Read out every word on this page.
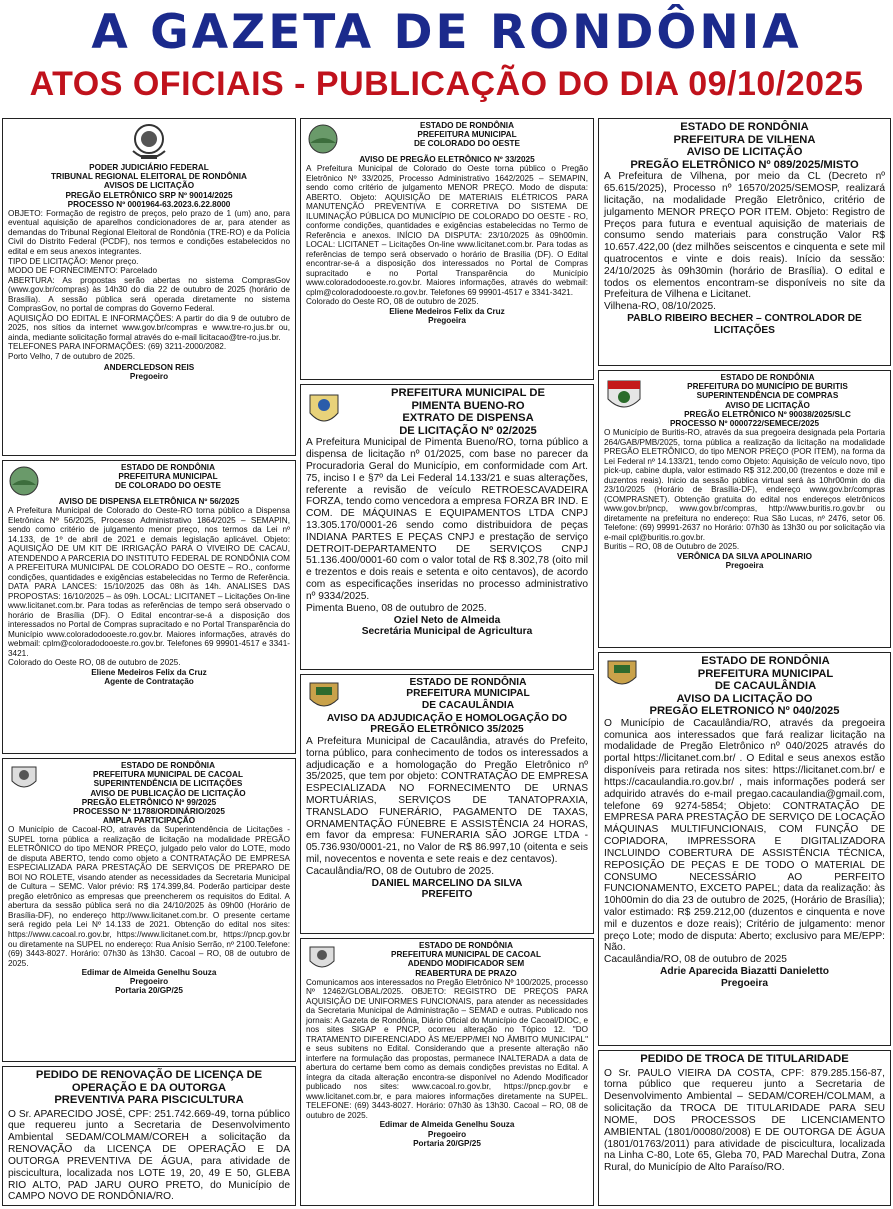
A GAZETA DE RONDÔNIA
ATOS OFICIAIS - PUBLICAÇÃO DO DIA 09/10/2025
PODER JUDICIÁRIO FEDERAL
TRIBUNAL REGIONAL ELEITORAL DE RONDÔNIA
AVISOS DE LICITAÇÃO
PREGÃO ELETRÔNICO SRP Nº 90014/2025
PROCESSO Nº 0001964-63.2023.6.22.8000
OBJETO: Formação de registro de preços, pelo prazo de 1 (um) ano, para eventual aquisição de aparelhos condicionadores de ar, para atender as demandas do Tribunal Regional Eleitoral de Rondônia (TRE-RO) e da Polícia Civil do Distrito Federal (PCDF), nos termos e condições estabelecidos no edital e em seus anexos integrantes.
TIPO DE LICITAÇÃO: Menor preço.
MODO DE FORNECIMENTO: Parcelado
ABERTURA: As propostas serão abertas no sistema ComprasGov (www.gov.br/compras) às 14h30 do dia 22 de outubro de 2025 (horário de Brasília). A sessão pública será operada diretamente no sistema ComprasGov, no portal de compras do Governo Federal.
AQUISIÇÃO DO EDITAL E INFORMAÇÕES: A partir do dia 9 de outubro de 2025, nos sítios da internet www.gov.br/compras e www.tre-ro.jus.br ou, ainda, mediante solicitação formal através do e-mail licitacao@tre-ro.jus.br.
TELEFONES PARA INFORMAÇÕES: (69) 3211-2000/2082.
Porto Velho, 7 de outubro de 2025.
ANDERCLEDSON REIS
Pregoeiro
ESTADO DE RONDÔNIA
PREFEITURA MUNICIPAL
DE COLORADO DO OESTE
AVISO DE DISPENSA ELETRÔNICA Nº 56/2025
A Prefeitura Municipal de Colorado do Oeste-RO torna público a Dispensa Eletrônica Nº 56/2025, Processo Administrativo 1864/2025 – SEMAPIN, sendo como critério de julgamento menor preço, nos termos da Lei nº 14.133, de 1º de abril de 2021 e demais legislação aplicável. Objeto: AQUISIÇÃO DE UM KIT DE IRRIGAÇÃO PARA O VIVEIRO DE CACAU, ATENDENDO A PARCERIA DO INSTITUTO FEDERAL DE RONDÔNIA COM A PREFEITURA MUNICIPAL DE COLORADO DO OESTE – RO., conforme condições, quantidades e exigências estabelecidas no Termo de Referência. DATA PARA LANCES: 15/10/2025 das 08h às 14h. ANALISES DAS PROPOSTAS: 16/10/2025 – às 09h. LOCAL: LICITANET – Licitações On-line www.licitanet.com.br. Para todas as referências de tempo será observado o horário de Brasília (DF). O Edital encontrar-se-á a disposição dos interessados no Portal de Compras supracitado e no Portal Transparência do Município www.coloradodooeste.ro.gov.br. Maiores informações, através do webmail: cplm@coloradodooeste.ro.gov.br. Telefones 69 99901-4517 e 3341-3421.
Colorado do Oeste RO, 08 de outubro de 2025.
Eliene Medeiros Felix da Cruz
Agente de Contratação
ESTADO DE RONDÔNIA
PREFEITURA MUNICIPAL DE CACOAL
SUPERINTENDÊNCIA DE LICITAÇÕES
AVISO DE PUBLICAÇÃO DE LICITAÇÃO
PREGÃO ELETRÔNICO Nº 99/2025
PROCESSO Nº 11788/ORDINÁRIO/2025
AMPLA PARTICIPAÇÃO
O Município de Cacoal-RO, através da Superintendência de Licitações - SUPEL torna pública a realização de licitação na modalidade PREGÃO ELETRÔNICO do tipo MENOR PREÇO, julgado pelo valor do LOTE, modo de disputa ABERTO, tendo como objeto a CONTRATAÇÃO DE EMPRESA ESPECIALIZADA PARA PRESTAÇÃO DE SERVIÇOS DE PREPARO DE BOI NO ROLETE, visando atender as necessidades da Secretaria Municipal de Cultura – SEMC. Valor prévio: R$ 174.399,84. Poderão participar deste pregão eletrônico as empresas que preencherem os requisitos do Edital. A abertura da sessão pública será no dia 24/10/2025 às 09h00 (Horário de Brasília-DF), no endereço http://www.licitanet.com.br. O presente certame será regido pela Lei Nº 14.133 de 2021. Obtenção do edital nos sites: https://www.cacoal.ro.gov.br, https://www.licitanet.com.br, https://pncp.gov.br ou diretamente na SUPEL no endereço: Rua Anísio Serrão, nº 2100.Telefone:(69) 3443-8027. Horário: 07h30 às 13h30. Cacoal – RO, 08 de outubro de 2025.
Edimar de Almeida Genelhu Souza
Pregoeiro
Portaria 20/GP/25
PEDIDO DE RENOVAÇÃO DE LICENÇA DE
OPERAÇÃO E DA OUTORGA
PREVENTIVA PARA PISCICULTURA
O Sr. APARECIDO JOSÉ, CPF: 251.742.669-49, torna público que requereu junto a Secretaria de Desenvolvimento Ambiental SEDAM/COLMAM/COREH a solicitação da RENOVAÇÃO da LICENÇA DE OPERAÇÃO E DA OUTORGA PREVENTIVA DE ÁGUA, para atividade de piscicultura, localizada nos LOTE 19, 20, 49 E 50, GLEBA RIO ALTO, PAD JARU OURO PRETO, do Município de CAMPO NOVO DE RONDÔNIA/RO.
ESTADO DE RONDÔNIA
PREFEITURA MUNICIPAL
DE COLORADO DO OESTE
AVISO DE PREGÃO ELETRÔNICO Nº 33/2025
A Prefeitura Municipal de Colorado do Oeste torna público o Pregão Eletrônico Nº 33/2025, Processo Administrativo 1642/2025 – SEMAPIN, sendo como critério de julgamento MENOR PREÇO. Modo de disputa: ABERTO. Objeto: AQUISIÇÃO DE MATERIAIS ELÉTRICOS PARA MANUTENÇÃO PREVENTIVA E CORRETIVA DO SISTEMA DE ILUMINAÇÃO PÚBLICA DO MUNICÍPIO DE COLORADO DO OESTE - RO, conforme condições, quantidades e exigências estabelecidas no Termo de Referência e anexos. INÍCIO DA DISPUTA: 23/10/2025 às 09h00min. LOCAL: LICITANET – Licitações On-line www.licitanet.com.br. Para todas as referências de tempo será observado o horário de Brasília (DF). O Edital encontrar-se-á a disposição dos interessados no Portal de Compras supracitado e no Portal Transparência do Município www.coloradodooeste.ro.gov.br. Maiores informações, através do webmail: cplm@coloradodooeste.ro.gov.br. Telefones 69 99901-4517 e 3341-3421.
Colorado do Oeste RO, 08 de outubro de 2025.
Eliene Medeiros Felix da Cruz
Pregoeira
PREFEITURA MUNICIPAL DE
PIMENTA BUENO-RO
EXTRATO DE DISPENSA
DE LICITAÇÃO Nº 02/2025
A Prefeitura Municipal de Pimenta Bueno/RO, torna público a dispensa de licitação nº 01/2025, com base no parecer da Procuradoria Geral do Município, em conformidade com Art. 75, inciso I e §7º da Lei Federal 14.133/21 e suas alterações, referente a revisão de veículo RETROESCAVADEIRA FORZA, tendo como vencedora a empresa FORZA BR IND. E COM. DE MÁQUINAS E EQUIPAMENTOS LTDA CNPJ 13.305.170/0001-26 sendo como distribuidora de peças INDIANA PARTES E PEÇAS CNPJ e prestação de serviço DETROIT-DEPARTAMENTO DE SERVIÇOS CNPJ 51.136.400/0001-60 com o valor total de R$ 8.302,78 (oito mil e trezentos e dois reais e setenta e oito centavos), de acordo com as especificações inseridas no processo administrativo nº 9334/2025.
Pimenta Bueno, 08 de outubro de 2025.
Oziel Neto de Almeida
Secretária Municipal de Agricultura
ESTADO DE RONDÔNIA
PREFEITURA MUNICIPAL
DE CACAULÂNDIA
AVISO DA ADJUDICAÇÃO E HOMOLOGAÇÃO DO
PREGÃO ELETRÔNICO 35/2025
A Prefeitura Municipal de Cacaulândia, através do Prefeito, torna público, para conhecimento de todos os interessados a adjudicação e a homologação do Pregão Eletrônico nº 35/2025, que tem por objeto: CONTRATAÇÃO DE EMPRESA ESPECIALIZADA NO FORNECIMENTO DE URNAS MORTUÁRIAS, SERVIÇOS DE TANATOPRAXIA, TRANSLADO FUNERÁRIO, PAGAMENTO DE TAXAS, ORNAMENTAÇÃO FÚNEBRE E ASSISTÊNCIA 24 HORAS, em favor da empresa: FUNERARIA SÃO JORGE LTDA - 05.736.930/0001-21, no Valor de R$ 86.997,10 (oitenta e seis mil, novecentos e noventa e sete reais e dez centavos).
Cacaulândia/RO, 08 de Outubro de 2025.
DANIEL MARCELINO DA SILVA
PREFEITO
ESTADO DE RONDÔNIA
PREFEITURA MUNICIPAL DE CACOAL
ADENDO MODIFICADOR SEM
REABERTURA DE PRAZO
Comunicamos aos interessados no Pregão Eletrônico Nº 100/2025, processo Nº 12462/GLOBAL/2025. OBJETO: REGISTRO DE PREÇOS PARA AQUISIÇÃO DE UNIFORMES FUNCIONAIS, para atender as necessidades da Secretaria Municipal de Administração – SEMAD e outras. Publicado nos jornais: A Gazeta de Rondônia, Diário Oficial do Município de Cacoal/DIOC, e nos sites SIGAP e PNCP, ocorreu alteração no Tópico 12. "DO TRATAMENTO DIFERENCIADO ÀS ME/EPP/MEI NO ÂMBITO MUNICIPAL" e seus subitens no Edital. Considerando que a presente alteração não interfere na formulação das propostas, permanece INALTERADA a data de abertura do certame bem como as demais condições previstas no Edital. A íntegra da citada alteração encontra-se disponível no Adendo Modificador publicado nos sites: www.cacoal.ro.gov.br, https://pncp.gov.br e www.licitanet.com.br, e para maiores informações diretamente na SUPEL. TELEFONE: (69) 3443-8027. Horário: 07h30 às 13h30. Cacoal – RO, 08 de outubro de 2025.
Edimar de Almeida Genelhu Souza
Pregoeiro
Portaria 20/GP/25
ESTADO DE RONDÔNIA
PREFEITURA DE VILHENA
AVISO DE LICITAÇÃO
PREGÃO ELETRÔNICO Nº 089/2025/MISTO
A Prefeitura de Vilhena, por meio da CL (Decreto nº 65.615/2025), Processo nº 16570/2025/SEMOSP, realizará licitação, na modalidade Pregão Eletrônico, critério de julgamento MENOR PREÇO POR ITEM. Objeto: Registro de Preços para futura e eventual aquisição de materiais de consumo sendo materiais para construção Valor R$ 10.657.422,00 (dez milhões seiscentos e cinquenta e sete mil quatrocentos e vinte e dois reais). Início da sessão: 24/10/2025 às 09h30min (horário de Brasília). O edital e todos os elementos encontram-se disponíveis no site da Prefeitura de Vilhena e Licitanet.
Vilhena-RO, 08/10/2025.
PABLO RIBEIRO BECHER – CONTROLADOR DE LICITAÇÕES
ESTADO DE RONDÔNIA
PREFEITURA DO MUNICÍPIO DE BURITIS
SUPERINTENDÊNCIA DE COMPRAS
AVISO DE LICITAÇÃO
PREGÃO ELETRÔNICO Nº 90038/2025/SLC
PROCESSO Nº 0000722/SEMECE/2025
O Município de Buritis-RO, através da sua pregoeira designada pela Portaria 264/GAB/PMB/2025, torna pública a realização da licitação na modalidade PREGÃO ELETRÔNICO, do tipo MENOR PREÇO (POR ITEM), na forma da Lei Federal nº 14.133/21, tendo como Objeto: Aquisição de veículo novo, tipo pick-up, cabine dupla, valor estimado R$ 312.200,00 (trezentos e doze mil e duzentos reais). Inicio da sessão pública virtual será às 10hr00min do dia 23/10/2025 (Horário de Brasília-DF), endereço www.gov.br/compras (COMPRASNET). Obtenção gratuita do edital nos endereços eletrônicos www.gov.br/pncp, www.gov.br/compras, http://www.buritis.ro.gov.br ou diretamente na prefeitura no endereço: Rua São Lucas, nº 2476, setor 06. Telefone: (69) 99991-2637 no Horário: 07h30 às 13h30 ou por solicitação via e-mail cpl@buritis.ro.gov.br.
Buritis – RO, 08 de Outubro de 2025.
VERÔNICA DA SILVA APOLINARIO
Pregoeira
ESTADO DE RONDÔNIA
PREFEITURA MUNICIPAL
DE CACAULÂNDIA
AVISO DA LICITAÇÃO DO
PREGÃO ELETRONICO Nº 040/2025
O Município de Cacaulândia/RO, através da pregoeira comunica aos interessados que fará realizar licitação na modalidade de Pregão Eletrônico nº 040/2025 através do portal https://licitanet.com.br/ . O Edital e seus anexos estão disponíveis para retirada nos sites: https://licitanet.com.br/ e https://cacaulandia.ro.gov.br/ , mais informações poderá ser adquirido através do e-mail pregao.cacaulandia@gmail.com, telefone 69 9274-5854; Objeto: CONTRATAÇÃO DE EMPRESA PARA PRESTAÇÃO DE SERVIÇO DE LOCAÇÃO MÁQUINAS MULTIFUNCIONAIS, COM FUNÇÃO DE COPIADORA, IMPRESSORA E DIGITALIZADORA INCLUINDO COBERTURA DE ASSISTÊNCIA TÉCNICA, REPOSIÇÃO DE PEÇAS E DE TODO O MATERIAL DE CONSUMO NECESSÁRIO AO PERFEITO FUNCIONAMENTO, EXCETO PAPEL; data da realização: às 10h00min do dia 23 de outubro de 2025, (Horário de Brasília); valor estimado: R$ 259.212,00 (duzentos e cinquenta e nove mil e duzentos e doze reais); Critério de julgamento: menor preço Lote; modo de disputa: Aberto; exclusivo para ME/EPP: Não.
Cacaulândia/RO, 08 de outubro de 2025
Adrie Aparecida Biazatti Danieletto
Pregoeira
PEDIDO DE TROCA DE TITULARIDADE
O Sr. PAULO VIEIRA DA COSTA, CPF: 879.285.156-87, torna público que requereu junto a Secretaria de Desenvolvimento Ambiental – SEDAM/COREH/COLMAM, a solicitação da TROCA DE TITULARIDADE PARA SEU NOME, DOS PROCESSOS DE LICENCIAMENTO AMBIENTAL (1801/00080/2008) E DE OUTORGA DE ÁGUA (1801/01763/2011) para atividade de piscicultura, localizada na Linha C-80, Lote 65, Gleba 70, PAD Marechal Dutra, Zona Rural, do Município de Alto Paraíso/RO.
